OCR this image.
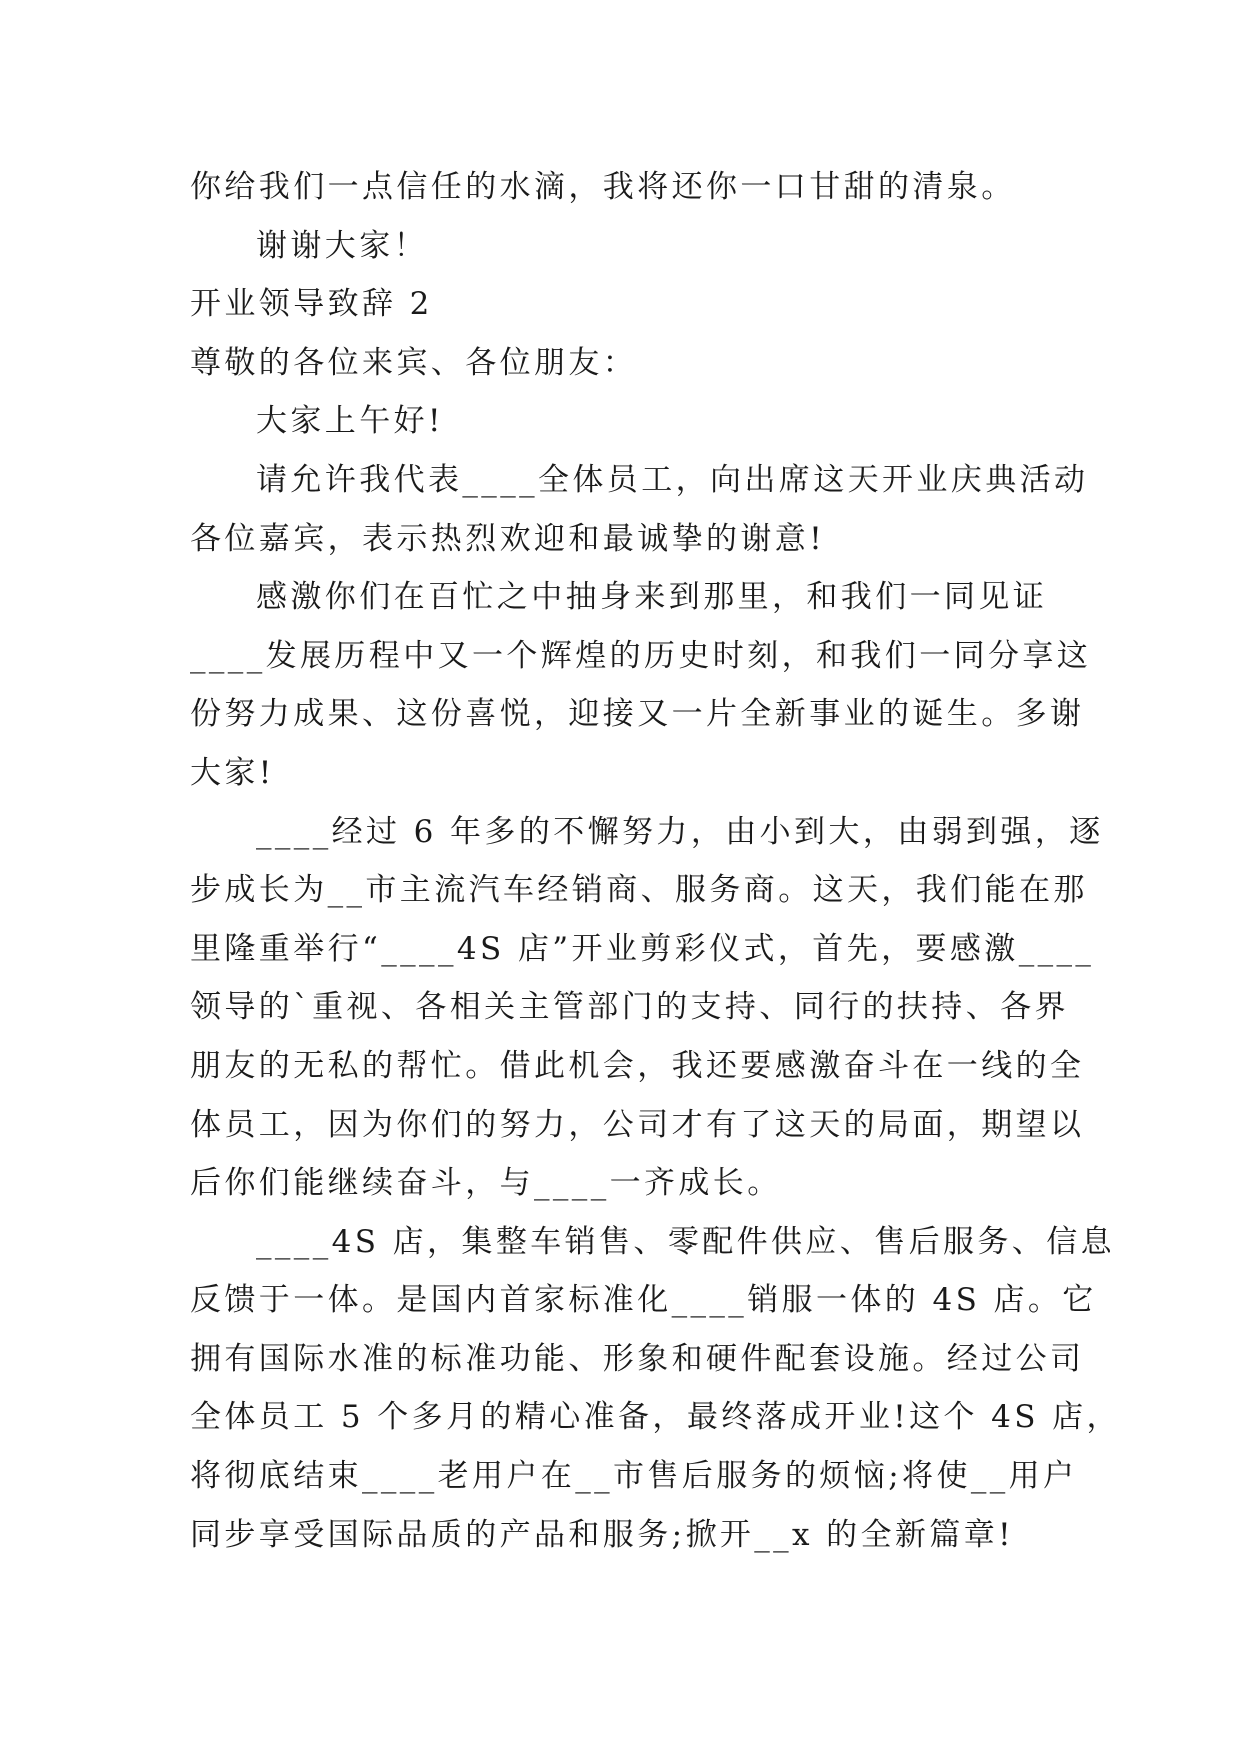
你给我们一点信任的水滴，我将还你一口甘甜的清泉。
谢谢大家！
开业领导致辞 2
尊敬的各位来宾、各位朋友：
大家上午好!
请允许我代表____全体员工，向出席这天开业庆典活动
各位嘉宾，表示热烈欢迎和最诚挚的谢意!
感激你们在百忙之中抽身来到那里，和我们一同见证
____发展历程中又一个辉煌的历史时刻，和我们一同分享这
份努力成果、这份喜悦，迎接又一片全新事业的诞生。多谢
大家!
____经过 6 年多的不懈努力，由小到大，由弱到强，逐
步成长为__市主流汽车经销商、服务商。这天，我们能在那
里隆重举行“____4S 店”开业剪彩仪式，首先，要感激____
领导的`重视、各相关主管部门的支持、同行的扶持、各界
朋友的无私的帮忙。借此机会，我还要感激奋斗在一线的全
体员工，因为你们的努力，公司才有了这天的局面，期望以
后你们能继续奋斗，与____一齐成长。
____4S 店，集整车销售、零配件供应、售后服务、信息
反馈于一体。是国内首家标准化____销服一体的 4S 店。它
拥有国际水准的标准功能、形象和硬件配套设施。经过公司
全体员工 5 个多月的精心准备，最终落成开业!这个 4S 店，
将彻底结束____老用户在__市售后服务的烦恼;将使__用户
同步享受国际品质的产品和服务;掀开__x 的全新篇章!
